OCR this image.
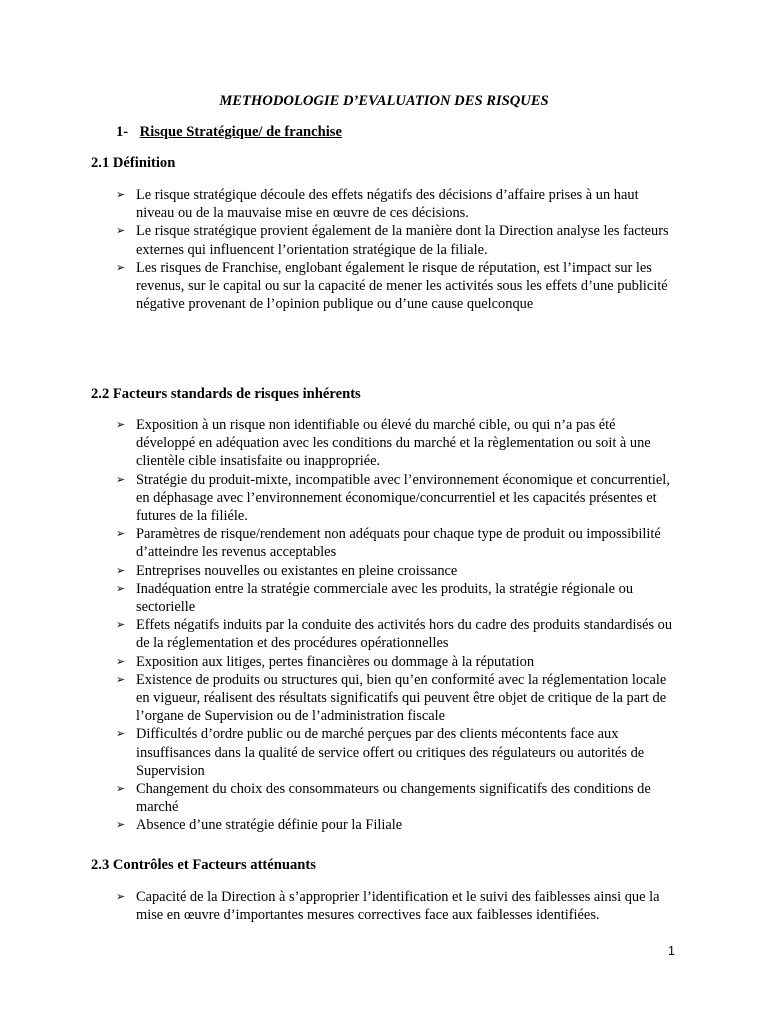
METHODOLOGIE D’EVALUATION DES RISQUES
1- Risque Stratégique/ de franchise
2.1 Définition
➢ Le risque stratégique découle des effets négatifs des décisions d’affaire prises à un haut niveau ou de la mauvaise mise en œuvre de ces décisions.
➢ Le risque stratégique provient également de la manière dont la Direction analyse les facteurs externes qui influencent l’orientation stratégique de la filiale.
➢ Les risques de Franchise, englobant également le risque de réputation, est l’impact sur les revenus, sur le capital ou sur la capacité de mener les activités sous les effets d’une publicité négative provenant de l’opinion publique ou d’une cause quelconque
2.2 Facteurs standards de risques inhérents
➢ Exposition à un risque non identifiable ou élevé du marché cible, ou qui n’a pas été développé en adéquation avec les conditions du marché et la règlementation ou soit à une clientèle cible insatisfaite ou inappropriée.
➢ Stratégie du produit-mixte, incompatible avec l’environnement économique et concurrentiel, en déphasage avec l’environnement économique/concurrentiel et les capacités présentes et futures de la filiéle.
➢ Paramètres de risque/rendement non adéquats pour chaque type de produit ou impossibilité d’atteindre les revenus acceptables
➢ Entreprises nouvelles ou existantes en pleine croissance
➢ Inadéquation entre la stratégie commerciale avec les produits, la stratégie régionale ou sectorielle
➢ Effets négatifs induits par la conduite des activités hors du cadre des produits standardisés ou de la réglementation et des procédures opérationnelles
➢ Exposition aux litiges, pertes financières ou dommage à la réputation
➢ Existence de produits ou structures qui, bien qu’en conformité avec la réglementation locale en vigueur, réalisent des résultats significatifs qui peuvent être objet de critique de la part de l’organe de Supervision ou de l’administration fiscale
➢ Difficultés d’ordre public ou de marché perçues par des clients mécontents face aux insuffisances dans la qualité de service offert ou critiques des régulateurs ou autorités de Supervision
➢ Changement du choix des consommateurs ou changements significatifs des conditions de marché
➢ Absence d’une stratégie définie pour la Filiale
2.3 Contrôles et Facteurs atténuants
➢ Capacité de la Direction à s’approprier l’identification et le suivi des faiblesses ainsi que la mise en œuvre d’importantes mesures correctives face aux faiblesses identifiées.
1
